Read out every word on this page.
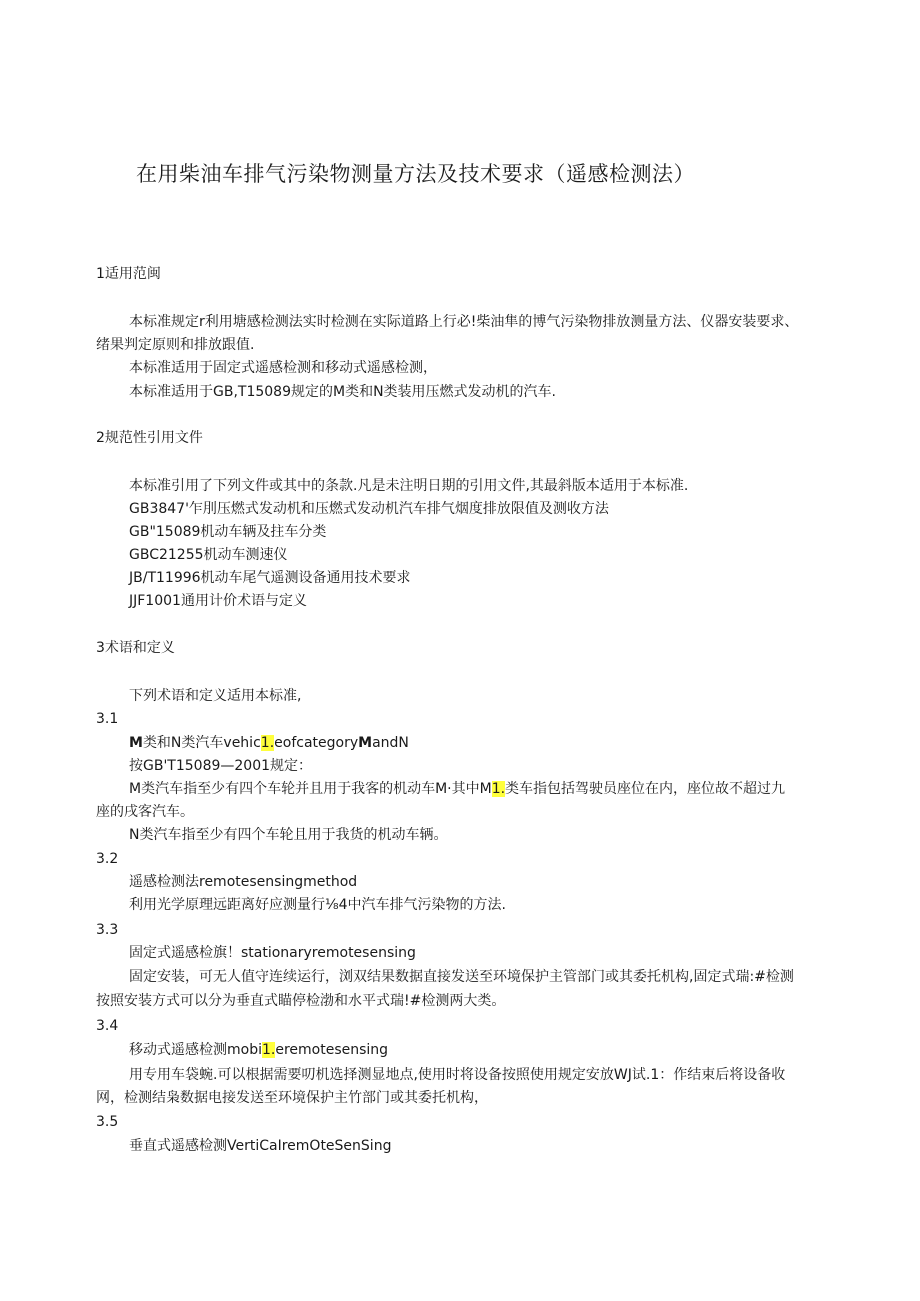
在用柴油车排气污染物测量方法及技术要求（遥感检测法）
1适用范闽
本标准规定r利用塘感检测法实时检测在实际道路上行必!柴油隼的博气污染物排放测量方法、仪器安装要求、
绪果判定原则和排放跟值.
本标准适用于固定式遥感检测和移动式遥感检测，
本标准适用于GB,T15089规定的M类和N类装用压燃式发动机的汽车.
2规范性引用文件
本标准引用了下列文件或其中的条款.凡是未注明日期的引用文件,其最斜版本适用于本标准.
GB3847'乍刖压燃式发动机和压燃式发动机汽车排气烟度排放限值及测收方法
GB"15089机动车辆及拄车分类
GBC21255机动车测速仪
JB/T11996机动车尾气遥测设备通用技术要求
JJF1001通用计价术语与定义
3术语和定义
下列术语和定义适用本标准,
3.1
M类和N类汽车vehic1.eofcategoryMandN
按GB'T15089—2001规定：
M类汽车指至少有四个车轮并且用于我客的机动车M·其中M1.类车指包括驾驶员座位在内，座位故不超过九
座的戌客汽车。
N类汽车指至少有四个车轮且用于我货的机动车辆。
3.2
遥感检测法remotesensingmethod
利用光学原理远距离好应测量行⅛4中汽车排气污染物的方法.
3.3
固定式遥感检旗！stationaryremotesensing
固定安装，可无人值守连续运行，浏双结果数据直接发送至环境保护主管部门或其委托机构,固定式瑞:#检测
按照安装方式可以分为垂直式瞄停检渤和水平式瑞!#检测两大类。
3.4
移动式遥感检测mobi1.eremotesensing
用专用车袋蜿.可以根据需要叨机选择测显地点,使用时将设备按照使用规定安放WJ试.1：作结束后将设备收
网，检测结枭数据电接发送至环境保护主竹部门或其委托机构，
3.5
垂直式遥感检测VertiCaIremOteSenSing
